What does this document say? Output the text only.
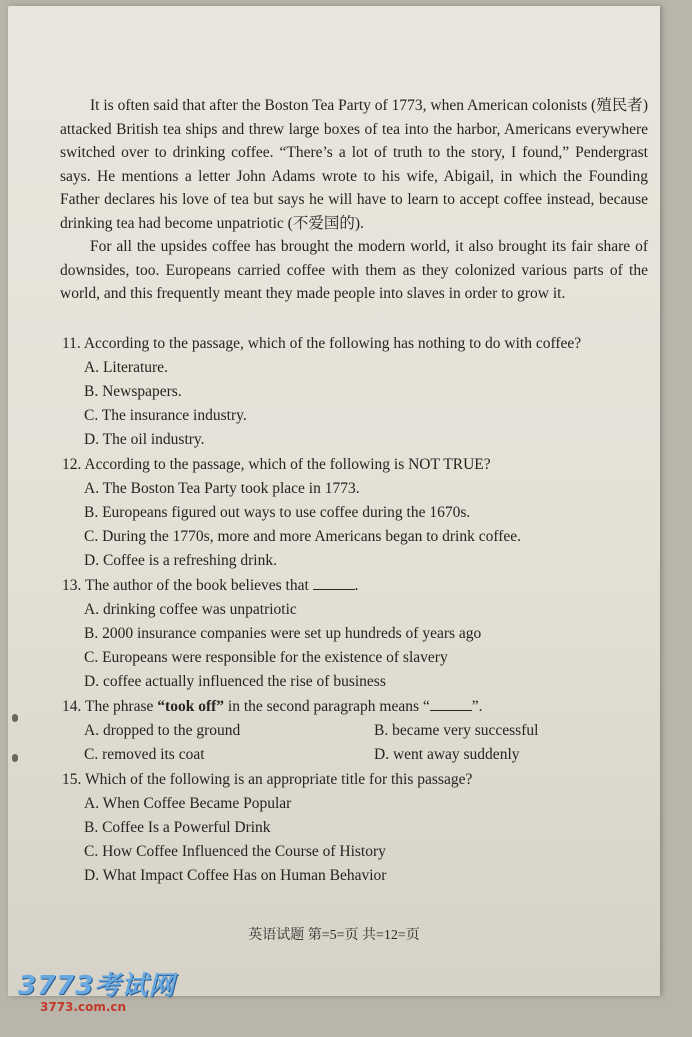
It is often said that after the Boston Tea Party of 1773, when American colonists (殖民者) attacked British tea ships and threw large boxes of tea into the harbor, Americans everywhere switched over to drinking coffee. “There’s a lot of truth to the story, I found,” Pendergrast says. He mentions a letter John Adams wrote to his wife, Abigail, in which the Founding Father declares his love of tea but says he will have to learn to accept coffee instead, because drinking tea had become unpatriotic (不爱国的).

For all the upsides coffee has brought the modern world, it also brought its fair share of downsides, too. Europeans carried coffee with them as they colonized various parts of the world, and this frequently meant they made people into slaves in order to grow it.

11. According to the passage, which of the following has nothing to do with coffee?

A. Literature.

B. Newspapers.

C. The insurance industry.

D. The oil industry.

12. According to the passage, which of the following is NOT TRUE?

A. The Boston Tea Party took place in 1773.

B. Europeans figured out ways to use coffee during the 1670s.

C. During the 1770s, more and more Americans began to drink coffee.

D. Coffee is a refreshing drink.

13. The author of the book believes that	.

A. drinking coffee was unpatriotic

B. 2000 insurance companies were set up hundreds of years ago

C. Europeans were responsible for the existence of slavery

D. coffee actually influenced the rise of business

14. The phrase “took off” in the second paragraph means “	”.

A. dropped to the ground	B. became very successful

C. removed its coat	D. went away suddenly

15. Which of the following is an appropriate title for this passage?

A. When Coffee Became Popular

B. Coffee Is a Powerful Drink

C. How Coffee Influenced the Course of History

D. What Impact Coffee Has on Human Behavior

英语试题 第=5=页 共=12=页
3773考试网
3773.com.cn
